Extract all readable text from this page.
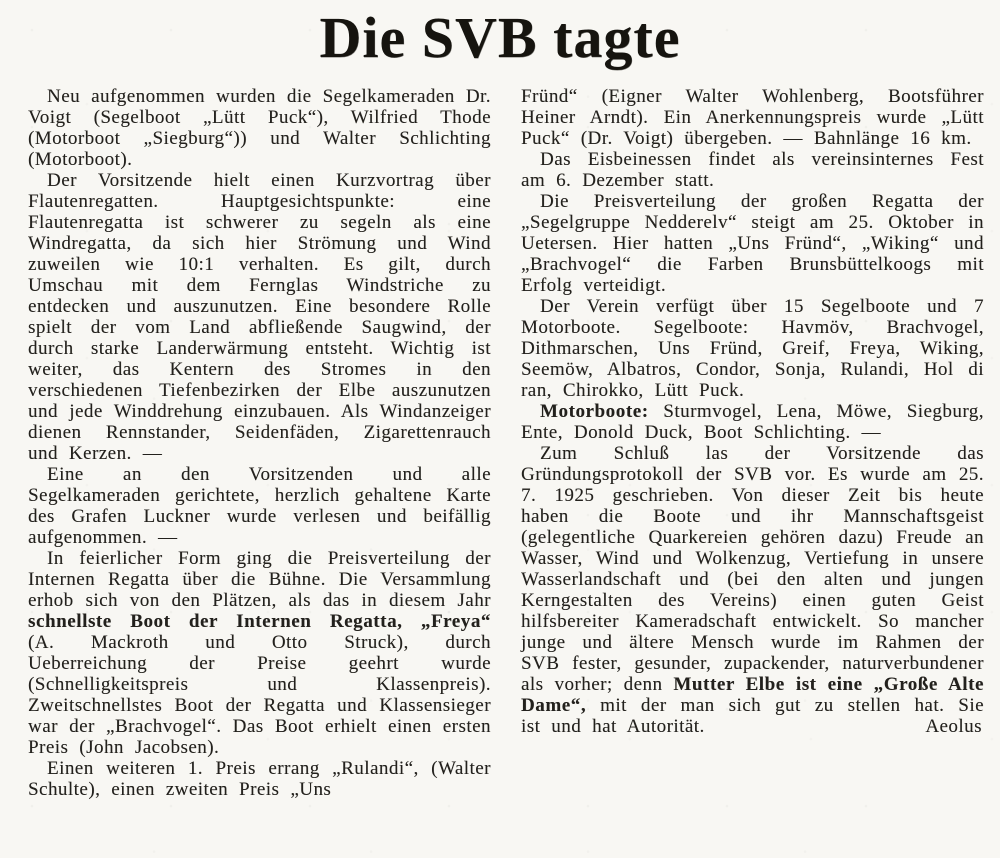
Die SVB tagte

Neu aufgenommen wurden die Segelkameraden Dr. Voigt (Segelboot „Lütt Puck“), Wilfried Thode (Motorboot „Siegburg“)) und Walter Schlichting (Motorboot).

Der Vorsitzende hielt einen Kurzvortrag über Flautenregatten. Hauptgesichtspunkte: eine Flautenregatta ist schwerer zu segeln als eine Windregatta, da sich hier Strömung und Wind zuweilen wie 10:1 verhalten. Es gilt, durch Umschau mit dem Fernglas Windstriche zu entdecken und auszunutzen. Eine besondere Rolle spielt der vom Land abfließende Saugwind, der durch starke Landerwärmung entsteht. Wichtig ist weiter, das Kentern des Stromes in den verschiedenen Tiefenbezirken der Elbe auszunutzen und jede Winddrehung einzubauen. Als Windanzeiger dienen Rennstander, Seidenfäden, Zigarettenrauch und Kerzen. —

Eine an den Vorsitzenden und alle Segelkameraden gerichtete, herzlich gehaltene Karte des Grafen Luckner wurde verlesen und beifällig aufgenommen. —

In feierlicher Form ging die Preisverteilung der Internen Regatta über die Bühne. Die Versammlung erhob sich von den Plätzen, als das in diesem Jahr schnellste Boot der Internen Regatta, „Freya“ (A. Mackroth und Otto Struck), durch Ueberreichung der Preise geehrt wurde (Schnelligkeitspreis und Klassenpreis). Zweitschnellstes Boot der Regatta und Klassensieger war der „Brachvogel“. Das Boot erhielt einen ersten Preis (John Jacobsen).

Einen weiteren 1. Preis errang „Rulandi“, (Walter Schulte), einen zweiten Preis „Uns

Fründ“ (Eigner Walter Wohlenberg, Bootsführer Heiner Arndt). Ein Anerkennungspreis wurde „Lütt Puck“ (Dr. Voigt) übergeben. — Bahnlänge 16 km.

Das Eisbeinessen findet als vereinsinternes Fest am 6. Dezember statt.

Die Preisverteilung der großen Regatta der „Segelgruppe Nedderelv“ steigt am 25. Oktober in Uetersen. Hier hatten „Uns Fründ“, „Wiking“ und „Brachvogel“ die Farben Brunsbüttelkoogs mit Erfolg verteidigt.

Der Verein verfügt über 15 Segelboote und 7 Motorboote. Segelboote: Havmöv, Brachvogel, Dithmarschen, Uns Fründ, Greif, Freya, Wiking, Seemöw, Albatros, Condor, Sonja, Rulandi, Hol di ran, Chirokko, Lütt Puck.

Motorboote: Sturmvogel, Lena, Möwe, Siegburg, Ente, Donold Duck, Boot Schlichting. —

Zum Schluß las der Vorsitzende das Gründungsprotokoll der SVB vor. Es wurde am 25. 7. 1925 geschrieben. Von dieser Zeit bis heute haben die Boote und ihr Mannschaftsgeist (gelegentliche Quarkereien gehören dazu) Freude an Wasser, Wind und Wolkenzug, Vertiefung in unsere Wasserlandschaft und (bei den alten und jungen Kerngestalten des Vereins) einen guten Geist hilfsbereiter Kameradschaft entwickelt. So mancher junge und ältere Mensch wurde im Rahmen der SVB fester, gesunder, zupackender, naturverbundener als vorher; denn Mutter Elbe ist eine „Große Alte Dame“, mit der man sich gut zu stellen hat. Sie ist und hat Autorität.	Aeolus
